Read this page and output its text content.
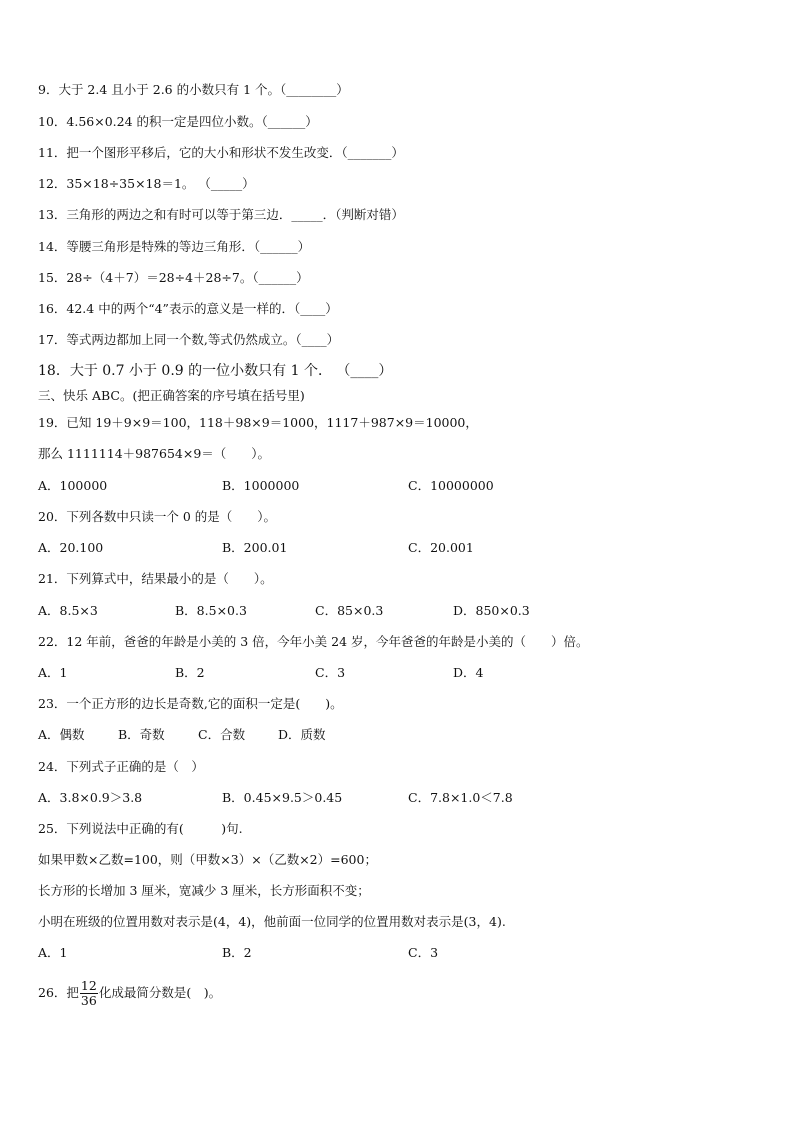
9．大于 2.4 且小于 2.6 的小数只有 1 个。（________）
10．4.56×0.24 的积一定是四位小数。（______）
11．把一个图形平移后，它的大小和形状不发生改变．（_______）
12．35×18÷35×18＝1。 （_____）
13．三角形的两边之和有时可以等于第三边．_____．（判断对错）
14．等腰三角形是特殊的等边三角形．（______）
15．28÷（4＋7）＝28÷4＋28÷7。（______）
16．42.4 中的两个“4”表示的意义是一样的．（____）
17．等式两边都加上同一个数,等式仍然成立。（____）
18．大于 0.7 小于 0.9 的一位小数只有 1 个． （____）
三、快乐 ABC。(把正确答案的序号填在括号里)
19．已知 19＋9×9＝100，118＋98×9＝1000，1117＋987×9＝10000，
那么 1111114＋987654×9＝（　　）。
A．100000	B．1000000	C．10000000
20．下列各数中只读一个 0 的是（　　）。
A．20.100	B．200.01	C．20.001
21．下列算式中，结果最小的是（　　）。
A．8.5×3	B．8.5×0.3	C．85×0.3	D．850×0.3
22．12 年前，爸爸的年龄是小美的 3 倍，今年小美 24 岁，今年爸爸的年龄是小美的（　　）倍。
A．1	B．2	C．3	D．4
23．一个正方形的边长是奇数,它的面积一定是(　　)。
A．偶数	B．奇数	C．合数	D．质数
24．下列式子正确的是（　）
A．3.8×0.9＞3.8	B．0.45×9.5＞0.45	C．7.8×1.0＜7.8
25．下列说法中正确的有(　　　)句.
如果甲数×乙数=100，则（甲数×3）×（乙数×2）=600；
长方形的长增加 3 厘米，宽减少 3 厘米，长方形面积不变；
小明在班级的位置用数对表示是(4，4)，他前面一位同学的位置用数对表示是(3，4).
A．1	B．2	C．3
26．把 $\frac{12}{36}$ 化成最简分数是(　)。
